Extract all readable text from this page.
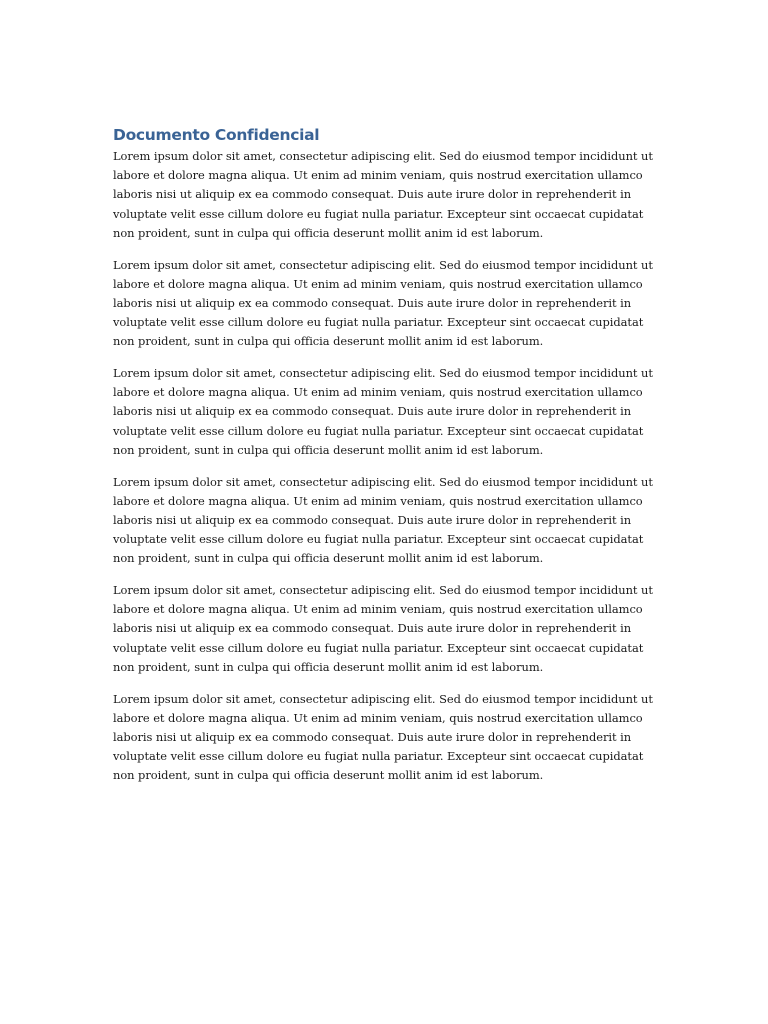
Documento Confidencial

Lorem ipsum dolor sit amet, consectetur adipiscing elit. Sed do eiusmod tempor incididunt ut labore et dolore magna aliqua. Ut enim ad minim veniam, quis nostrud exercitation ullamco laboris nisi ut aliquip ex ea commodo consequat. Duis aute irure dolor in reprehenderit in voluptate velit esse cillum dolore eu fugiat nulla pariatur. Excepteur sint occaecat cupidatat non proident, sunt in culpa qui officia deserunt mollit anim id est laborum.

Lorem ipsum dolor sit amet, consectetur adipiscing elit. Sed do eiusmod tempor incididunt ut labore et dolore magna aliqua. Ut enim ad minim veniam, quis nostrud exercitation ullamco laboris nisi ut aliquip ex ea commodo consequat. Duis aute irure dolor in reprehenderit in voluptate velit esse cillum dolore eu fugiat nulla pariatur. Excepteur sint occaecat cupidatat non proident, sunt in culpa qui officia deserunt mollit anim id est laborum.

Lorem ipsum dolor sit amet, consectetur adipiscing elit. Sed do eiusmod tempor incididunt ut labore et dolore magna aliqua. Ut enim ad minim veniam, quis nostrud exercitation ullamco laboris nisi ut aliquip ex ea commodo consequat. Duis aute irure dolor in reprehenderit in voluptate velit esse cillum dolore eu fugiat nulla pariatur. Excepteur sint occaecat cupidatat non proident, sunt in culpa qui officia deserunt mollit anim id est laborum.

Lorem ipsum dolor sit amet, consectetur adipiscing elit. Sed do eiusmod tempor incididunt ut labore et dolore magna aliqua. Ut enim ad minim veniam, quis nostrud exercitation ullamco laboris nisi ut aliquip ex ea commodo consequat. Duis aute irure dolor in reprehenderit in voluptate velit esse cillum dolore eu fugiat nulla pariatur. Excepteur sint occaecat cupidatat non proident, sunt in culpa qui officia deserunt mollit anim id est laborum.

Lorem ipsum dolor sit amet, consectetur adipiscing elit. Sed do eiusmod tempor incididunt ut labore et dolore magna aliqua. Ut enim ad minim veniam, quis nostrud exercitation ullamco laboris nisi ut aliquip ex ea commodo consequat. Duis aute irure dolor in reprehenderit in voluptate velit esse cillum dolore eu fugiat nulla pariatur. Excepteur sint occaecat cupidatat non proident, sunt in culpa qui officia deserunt mollit anim id est laborum.

Lorem ipsum dolor sit amet, consectetur adipiscing elit. Sed do eiusmod tempor incididunt ut labore et dolore magna aliqua. Ut enim ad minim veniam, quis nostrud exercitation ullamco laboris nisi ut aliquip ex ea commodo consequat. Duis aute irure dolor in reprehenderit in voluptate velit esse cillum dolore eu fugiat nulla pariatur. Excepteur sint occaecat cupidatat non proident, sunt in culpa qui officia deserunt mollit anim id est laborum.
